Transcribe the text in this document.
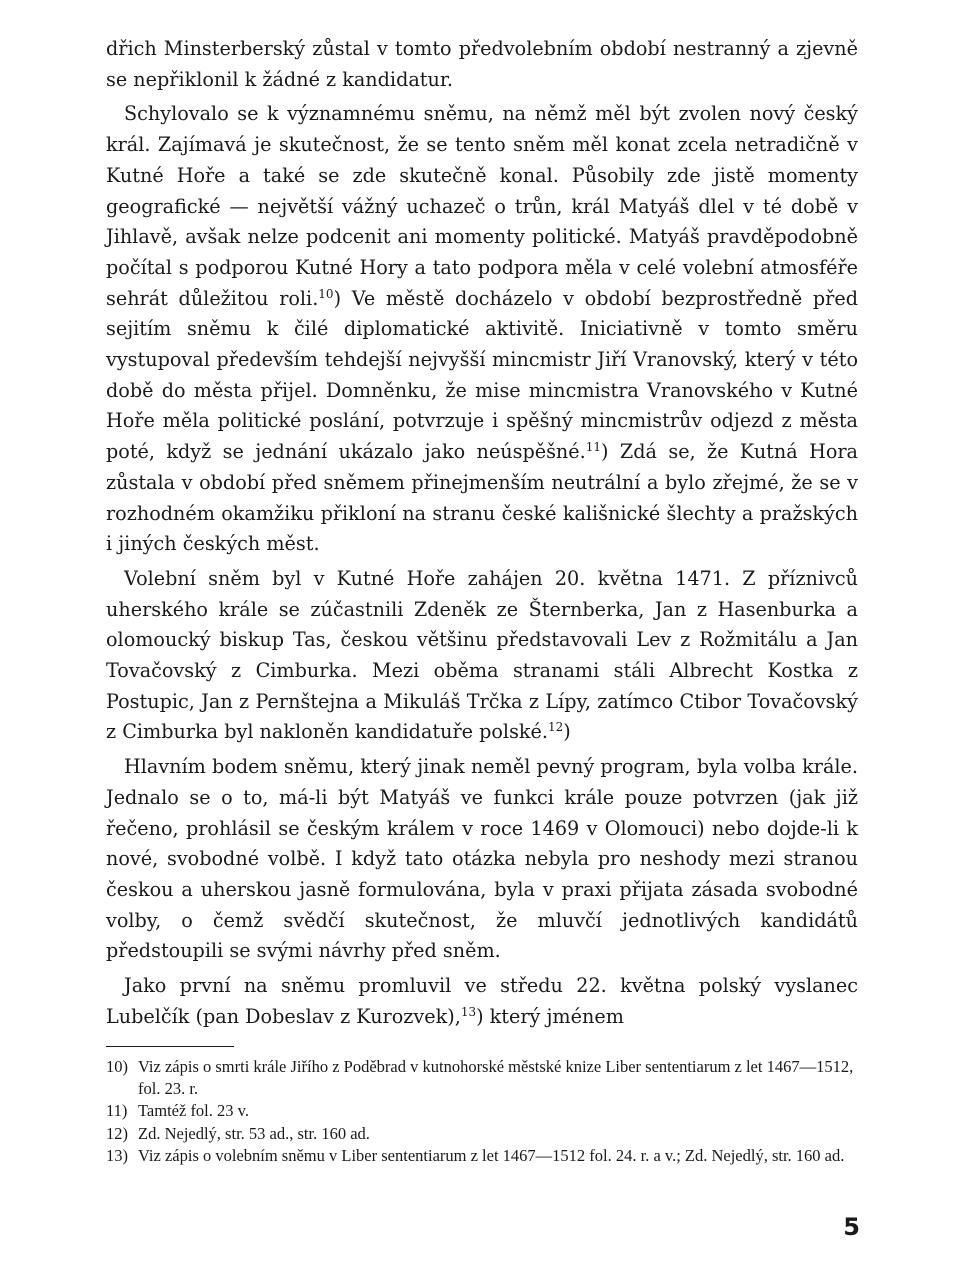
dřich Minsterberský zůstal v tomto předvolebním období nestranný a zjevně se nepřiklonil k žádné z kandidatur.

Schylovalo se k významnému sněmu, na němž měl být zvolen nový český král. Zajímavá je skutečnost, že se tento sněm měl konat zcela netradičně v Kutné Hoře a také se zde skutečně konal. Působily zde jistě momenty geografické — největší vážný uchazeč o trůn, král Matyáš dlel v té době v Jihlavě, avšak nelze podcenit ani momenty politické. Matyáš pravděpodobně počítal s podporou Kutné Hory a tato podpora měla v celé volební atmosféře sehrát důležitou roli.$^{10}$) Ve městě docházelo v období bezprostředně před sejitím sněmu k čilé diplomatické aktivitě. Iniciativně v tomto směru vystupoval především tehdejší nejvyšší mincmistr Jiří Vranovský, který v této době do města přijel. Domněnku, že mise mincmistra Vranovského v Kutné Hoře měla politické poslání, potvrzuje i spěšný mincmistrův odjezd z města poté, když se jednání ukázalo jako neúspěšné.$^{11}$) Zdá se, že Kutná Hora zůstala v období před sněmem přinejmenším neutrální a bylo zřejmé, že se v rozhodném okamžiku přikloní na stranu české kališnické šlechty a pražských i jiných českých měst.

Volební sněm byl v Kutné Hoře zahájen 20. května 1471. Z příznivců uherského krále se zúčastnili Zdeněk ze Šternberka, Jan z Hasenburka a olomoucký biskup Tas, českou většinu představovali Lev z Rožmitálu a Jan Tovačovský z Cimburka. Mezi oběma stranami stáli Albrecht Kostka z Postupic, Jan z Pernštejna a Mikuláš Trčka z Lípy, zatímco Ctibor Tovačovský z Cimburka byl nakloněn kandidatuře polské.$^{12}$)

Hlavním bodem sněmu, který jinak neměl pevný program, byla volba krále. Jednalo se o to, má-li být Matyáš ve funkci krále pouze potvrzen (jak již řečeno, prohlásil se českým králem v roce 1469 v Olomouci) nebo dojde-li k nové, svobodné volbě. I když tato otázka nebyla pro neshody mezi stranou českou a uherskou jasně formulována, byla v praxi přijata zásada svobodné volby, o čemž svědčí skutečnost, že mluvčí jednotlivých kandidátů předstoupili se svými návrhy před sněm.

Jako první na sněmu promluvil ve středu 22. května polský vyslanec Lubelčík (pan Dobeslav z Kurozvek),$^{13}$) který jménem

10) Viz zápis o smrti krále Jiřího z Poděbrad v kutnohorské městské knize Liber sententiarum z let 1467—1512, fol. 23. r.
11) Tamtéž fol. 23 v.
12) Zd. Nejedlý, str. 53 ad., str. 160 ad.
13) Viz zápis o volebním sněmu v Liber sententiarum z let 1467—1512 fol. 24. r. a v.; Zd. Nejedlý, str. 160 ad.
5
